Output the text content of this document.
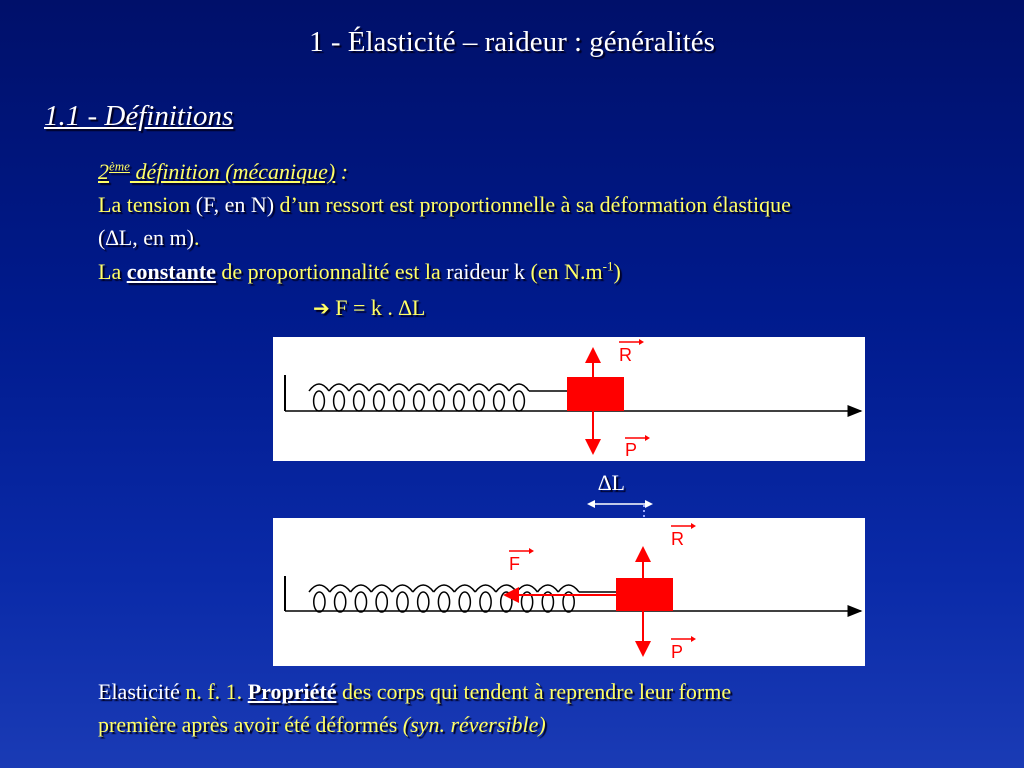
1 - Élasticité – raideur : généralités
1.1 - Définitions
2ème définition (mécanique) :
La tension (F, en N) d’un ressort est proportionnelle à sa déformation élastique
(∆L, en m).
La constante de proportionnalité est la raideur k (en $N.m^{-1}$)
➔ F = k . ∆L
R
P
∆L
R
F
P
Elasticité n. f. 1. Propriété des corps qui tendent à reprendre leur forme
première après avoir été déformés (syn. réversible)
